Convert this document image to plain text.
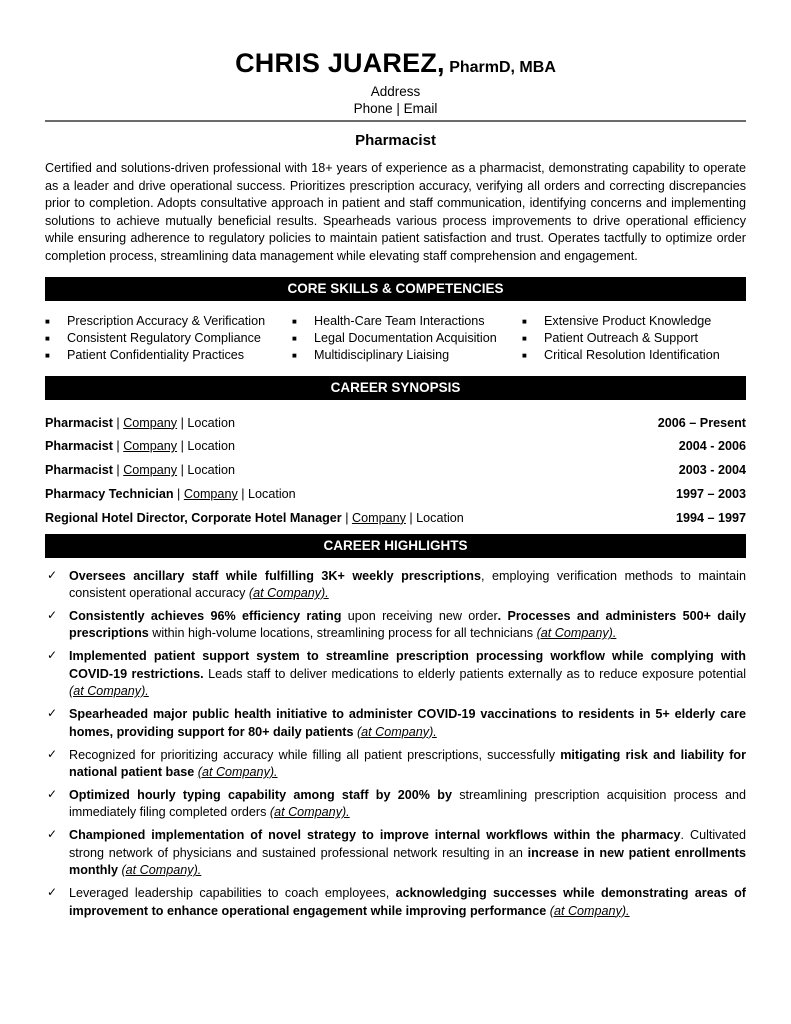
CHRIS JUAREZ, PharmD, MBA
Address
Phone | Email
Pharmacist
Certified and solutions-driven professional with 18+ years of experience as a pharmacist, demonstrating capability to operate as a leader and drive operational success. Prioritizes prescription accuracy, verifying all orders and correcting discrepancies prior to completion. Adopts consultative approach in patient and staff communication, identifying concerns and implementing solutions to achieve mutually beneficial results. Spearheads various process improvements to drive operational efficiency while ensuring adherence to regulatory policies to maintain patient satisfaction and trust. Operates tactfully to optimize order completion process, streamlining data management while elevating staff comprehension and engagement.
CORE SKILLS & COMPETENCIES
■ Prescription Accuracy & Verification
■ Consistent Regulatory Compliance
■ Patient Confidentiality Practices
■ Health-Care Team Interactions
■ Legal Documentation Acquisition
■ Multidisciplinary Liaising
■ Extensive Product Knowledge
■ Patient Outreach & Support
■ Critical Resolution Identification
CAREER SYNOPSIS
Pharmacist | Company | Location	2006 – Present
Pharmacist | Company | Location	2004 - 2006
Pharmacist | Company | Location	2003 - 2004
Pharmacy Technician | Company | Location	1997 – 2003
Regional Hotel Director, Corporate Hotel Manager | Company | Location	1994 – 1997
CAREER HIGHLIGHTS
✓ Oversees ancillary staff while fulfilling 3K+ weekly prescriptions, employing verification methods to maintain consistent operational accuracy (at Company).
✓ Consistently achieves 96% efficiency rating upon receiving new order. Processes and administers 500+ daily prescriptions within high-volume locations, streamlining process for all technicians (at Company).
✓ Implemented patient support system to streamline prescription processing workflow while complying with COVID-19 restrictions. Leads staff to deliver medications to elderly patients externally as to reduce exposure potential (at Company).
✓ Spearheaded major public health initiative to administer COVID-19 vaccinations to residents in 5+ elderly care homes, providing support for 80+ daily patients (at Company).
✓ Recognized for prioritizing accuracy while filling all patient prescriptions, successfully mitigating risk and liability for national patient base (at Company).
✓ Optimized hourly typing capability among staff by 200% by streamlining prescription acquisition process and immediately filing completed orders (at Company).
✓ Championed implementation of novel strategy to improve internal workflows within the pharmacy. Cultivated strong network of physicians and sustained professional network resulting in an increase in new patient enrollments monthly (at Company).
✓ Leveraged leadership capabilities to coach employees, acknowledging successes while demonstrating areas of improvement to enhance operational engagement while improving performance (at Company).
